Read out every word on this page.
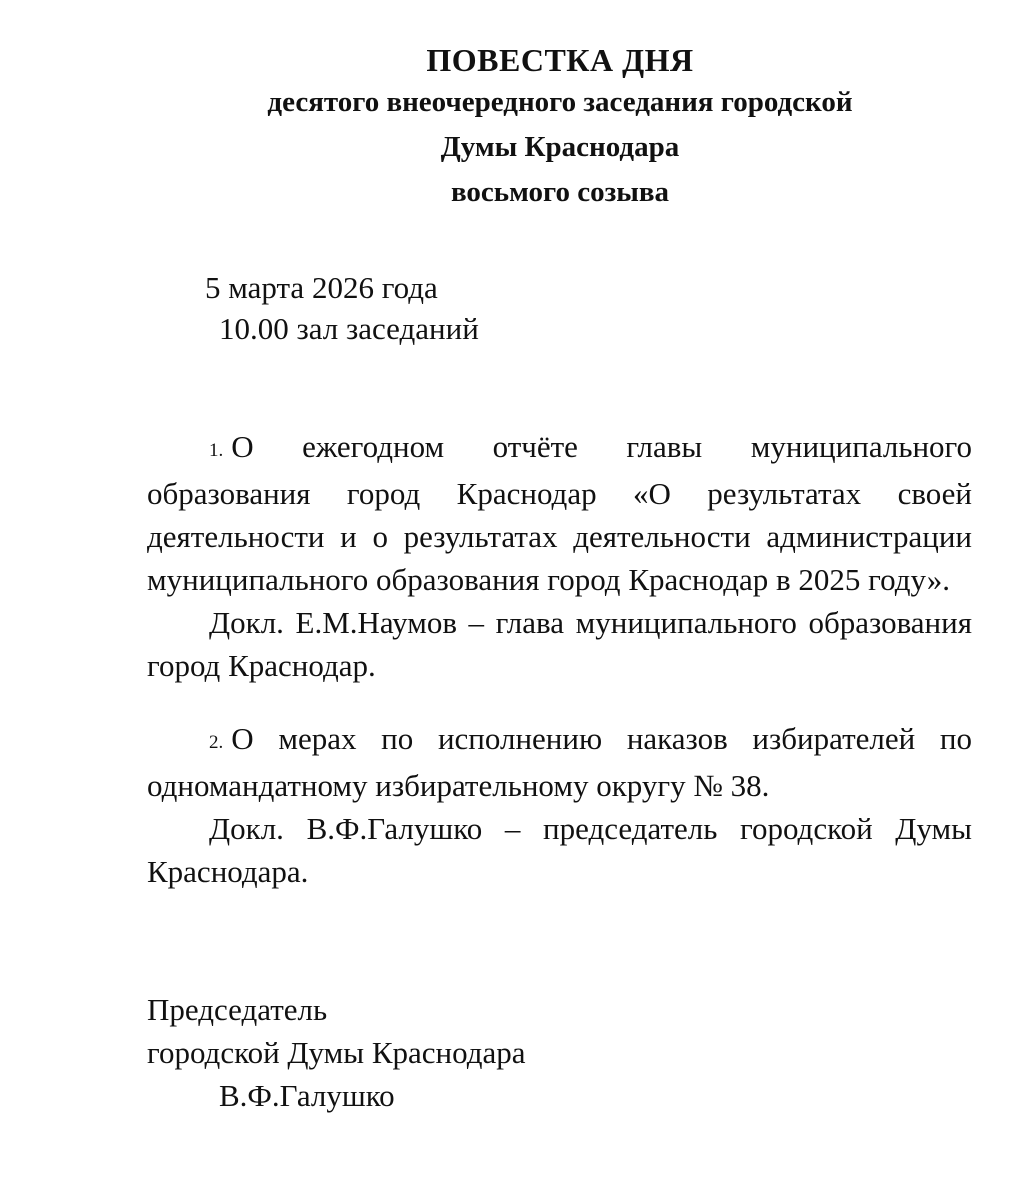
ПОВЕСТКА ДНЯ
десятого внеочередного заседания городской
Думы Краснодара
восьмого созыва
5 марта 2026 года
10.00 зал заседаний

1. О ежегодном отчёте главы муниципального образования город Краснодар «О результатах своей деятельности и о результатах деятельности администрации муниципального образования город Краснодар в 2025 году».

Докл. Е.М.Наумов – глава муниципального образования город Краснодар.

2. О мерах по исполнению наказов избирателей по одномандатному избирательному округу № 38.

Докл. В.Ф.Галушко – председатель городской Думы Краснодара.

Председатель
городской Думы Краснодара
В.Ф.Галушко
